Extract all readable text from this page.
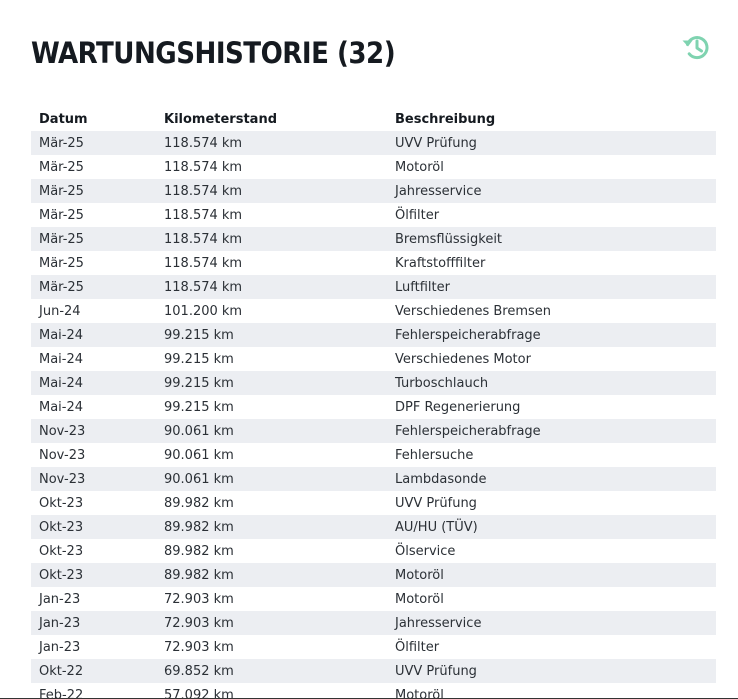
WARTUNGSHISTORIE (32)
Datum	Kilometerstand	Beschreibung
Mär-25	118.574 km	UVV Prüfung
Mär-25	118.574 km	Motoröl
Mär-25	118.574 km	Jahresservice
Mär-25	118.574 km	Ölfilter
Mär-25	118.574 km	Bremsflüssigkeit
Mär-25	118.574 km	Kraftstofffilter
Mär-25	118.574 km	Luftfilter
Jun-24	101.200 km	Verschiedenes Bremsen
Mai-24	99.215 km	Fehlerspeicherabfrage
Mai-24	99.215 km	Verschiedenes Motor
Mai-24	99.215 km	Turboschlauch
Mai-24	99.215 km	DPF Regenerierung
Nov-23	90.061 km	Fehlerspeicherabfrage
Nov-23	90.061 km	Fehlersuche
Nov-23	90.061 km	Lambdasonde
Okt-23	89.982 km	UVV Prüfung
Okt-23	89.982 km	AU/HU (TÜV)
Okt-23	89.982 km	Ölservice
Okt-23	89.982 km	Motoröl
Jan-23	72.903 km	Motoröl
Jan-23	72.903 km	Jahresservice
Jan-23	72.903 km	Ölfilter
Okt-22	69.852 km	UVV Prüfung
Feb-22	57.092 km	Motoröl
